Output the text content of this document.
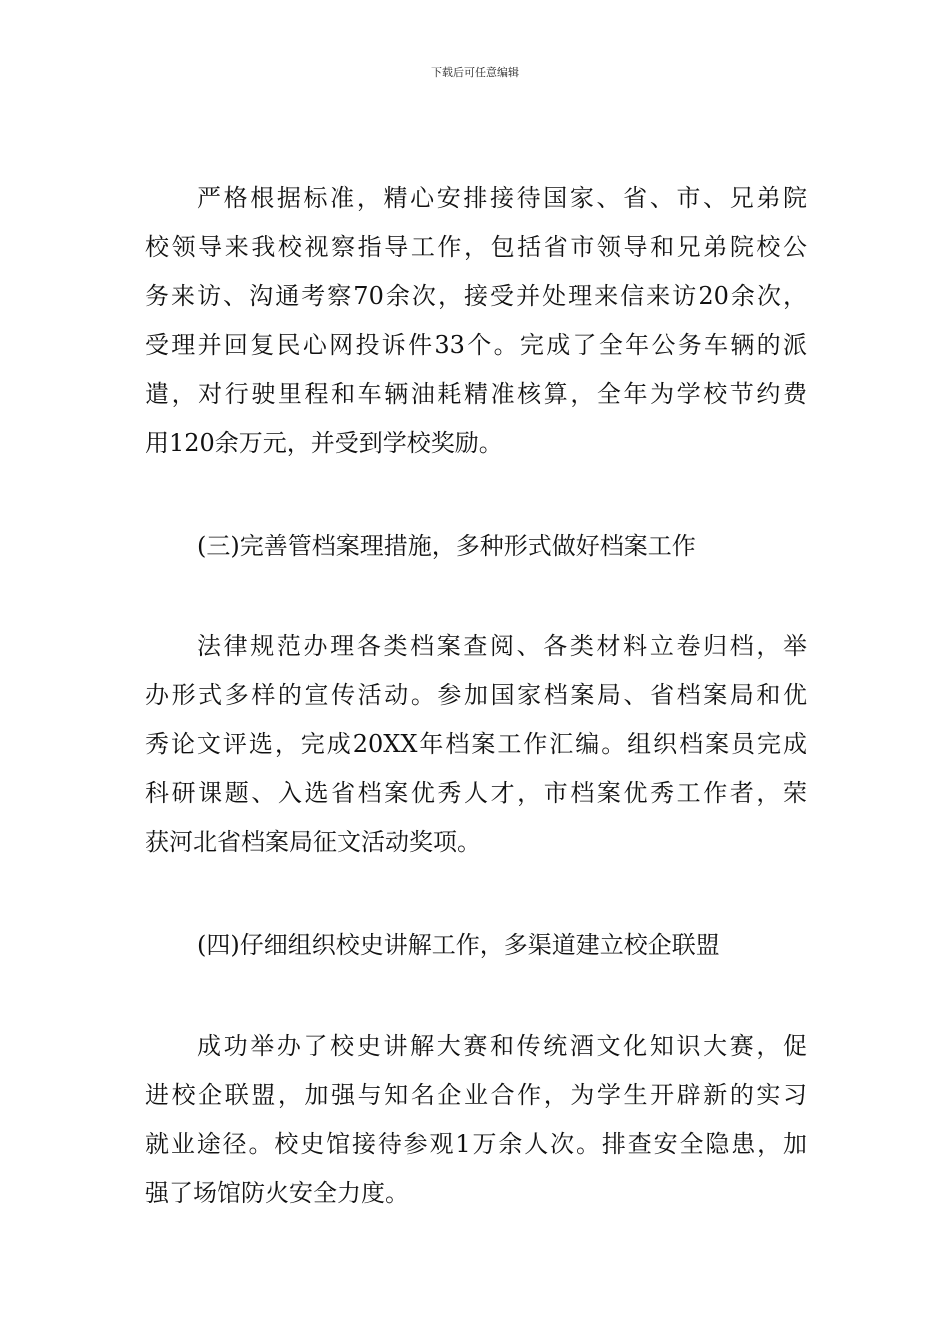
下载后可任意编辑
严格根据标准，精心安排接待国家、省、市、兄弟院
校领导来我校视察指导工作，包括省市领导和兄弟院校公
务来访、沟通考察70余次，接受并处理来信来访20余次，
受理并回复民心网投诉件33个。完成了全年公务车辆的派
遣，对行驶里程和车辆油耗精准核算，全年为学校节约费
用120余万元，并受到学校奖励。
(三)完善管档案理措施，多种形式做好档案工作
法律规范办理各类档案查阅、各类材料立卷归档，举
办形式多样的宣传活动。参加国家档案局、省档案局和优
秀论文评选，完成20XX年档案工作汇编。组织档案员完成
科研课题、入选省档案优秀人才，市档案优秀工作者，荣
获河北省档案局征文活动奖项。
(四)仔细组织校史讲解工作，多渠道建立校企联盟
成功举办了校史讲解大赛和传统酒文化知识大赛，促
进校企联盟，加强与知名企业合作，为学生开辟新的实习
就业途径。校史馆接待参观1万余人次。排查安全隐患，加
强了场馆防火安全力度。
